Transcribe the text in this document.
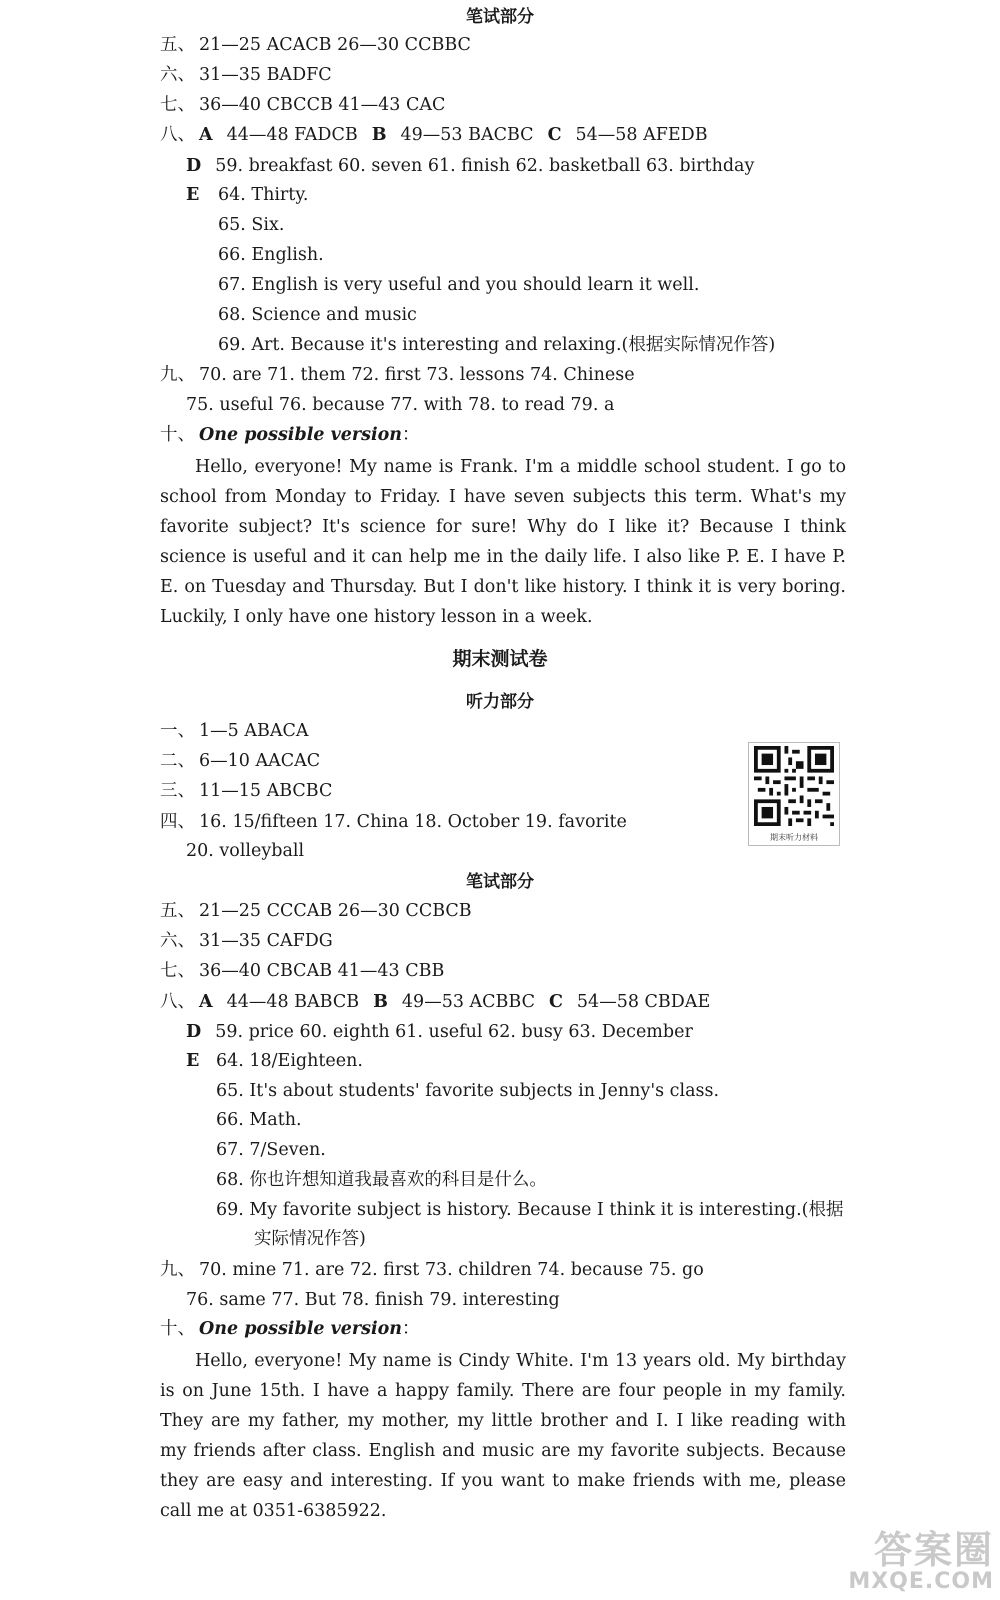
笔试部分
五、 21—25 ACACB 26—30 CCBBC
六、 31—35 BADFC
七、 36—40 CBCCB 41—43 CAC
八、 A 44—48 FADCB B 49—53 BACBC C 54—58 AFEDB
D 59. breakfast 60. seven 61. finish 62. basketball 63. birthday
E 64. Thirty.
65. Six.
66. English.
67. English is very useful and you should learn it well.
68. Science and music
69. Art. Because it's interesting and relaxing.(根据实际情况作答)
九、 70. are 71. them 72. first 73. lessons 74. Chinese
75. useful 76. because 77. with 78. to read 79. a
十、 One possible version：
Hello, everyone! My name is Frank. I'm a middle school student. I go to school from Monday to Friday. I have seven subjects this term. What's my favorite subject? It's science for sure! Why do I like it? Because I think science is useful and it can help me in the daily life. I also like P. E. I have P. E. on Tuesday and Thursday. But I don't like history. I think it is very boring. Luckily, I only have one history lesson in a week.
期末测试卷
听力部分
一、 1—5 ABACA
二、 6—10 AACAC
三、 11—15 ABCBC
四、 16. 15/fifteen 17. China 18. October 19. favorite
20. volleyball
期末听力材料
笔试部分
五、 21—25 CCCAB 26—30 CCBCB
六、 31—35 CAFDG
七、 36—40 CBCAB 41—43 CBB
八、 A 44—48 BABCB B 49—53 ACBBC C 54—58 CBDAE
D 59. price 60. eighth 61. useful 62. busy 63. December
E 64. 18/Eighteen.
65. It's about students' favorite subjects in Jenny's class.
66. Math.
67. 7/Seven.
68. 你也许想知道我最喜欢的科目是什么。
69. My favorite subject is history. Because I think it is interesting.(根据
实际情况作答)
九、 70. mine 71. are 72. first 73. children 74. because 75. go
76. same 77. But 78. finish 79. interesting
十、 One possible version：
Hello, everyone! My name is Cindy White. I'm 13 years old. My birthday is on June 15th. I have a happy family. There are four people in my family. They are my father, my mother, my little brother and I. I like reading with my friends after class. English and music are my favorite subjects. Because they are easy and interesting. If you want to make friends with me, please call me at 0351-6385922.
答案圈
MXQE.COM
